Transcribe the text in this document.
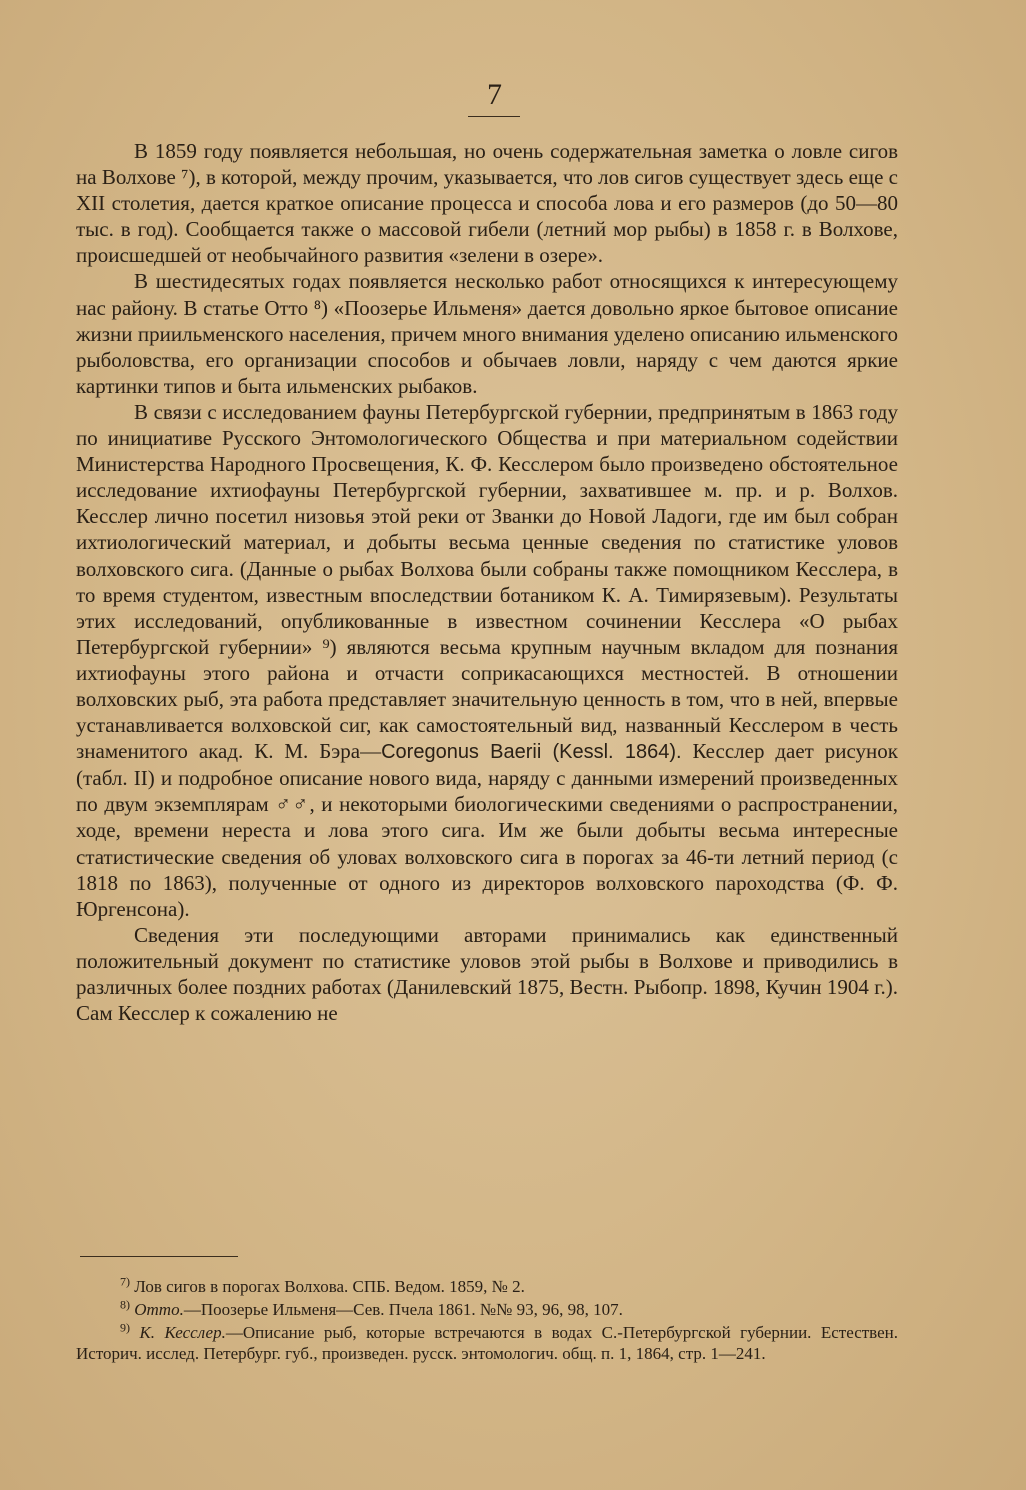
7

В 1859 году появляется небольшая, но очень содержательная заметка о ловле сигов на Волхове ⁷), в которой, между прочим, указывается, что лов сигов существует здесь еще с XII столетия, дается краткое описание процесса и способа лова и его размеров (до 50—80 тыс. в год). Сообщается также о массовой гибели (летний мор рыбы) в 1858 г. в Волхове, происшедшей от необычайного развития «зелени в озере».

В шестидесятых годах появляется несколько работ относящихся к интересующему нас району. В статье Отто ⁸) «Поозерье Ильменя» дается довольно яркое бытовое описание жизни приильменского населения, причем много внимания уделено описанию ильменского рыболовства, его организации способов и обычаев ловли, наряду с чем даются яркие картинки типов и быта ильменских рыбаков.

В связи с исследованием фауны Петербургской губернии, предпринятым в 1863 году по инициативе Русского Энтомологического Общества и при материальном содействии Министерства Народного Просвещения, К. Ф. Кесслером было произведено обстоятельное исследование ихтиофауны Петербургской губернии, захватившее м. пр. и р. Волхов. Кесслер лично посетил низовья этой реки от Званки до Новой Ладоги, где им был собран ихтиологический материал, и добыты весьма ценные сведения по статистике уловов волховского сига. (Данные о рыбах Волхова были собраны также помощником Кесслера, в то время студентом, известным впоследствии ботаником К. А. Тимирязевым). Результаты этих исследований, опубликованные в известном сочинении Кесслера «О рыбах Петербургской губернии» ⁹) являются весьма крупным научным вкладом для познания ихтиофауны этого района и отчасти соприкасающихся местностей. В отношении волховских рыб, эта работа представляет значительную ценность в том, что в ней, впервые устанавливается волховской сиг, как самостоятельный вид, названный Кесслером в честь знаменитого акад. К. М. Бэра—Coregonus Baerii (Kessl. 1864). Кесслер дает рисунок (табл. II) и подробное описание нового вида, наряду с данными измерений произведенных по двум экземплярам ♂♂, и некоторыми биологическими сведениями о распространении, ходе, времени нереста и лова этого сига. Им же были добыты весьма интересные статистические сведения об уловах волховского сига в порогах за 46-ти летний период (с 1818 по 1863), полученные от одного из директоров волховского пароходства (Ф. Ф. Юргенсона).

Сведения эти последующими авторами принимались как единственный положительный документ по статистике уловов этой рыбы в Волхове и приводились в различных более поздних работах (Данилевский 1875, Вестн. Рыбопр. 1898, Кучин 1904 г.). Сам Кесслер к сожалению не

$^{7)}$ Лов сигов в порогах Волхова. СПБ. Ведом. 1859, № 2.

$^{8)}$ Отто.—Поозерье Ильменя—Сев. Пчела 1861. №№ 93, 96, 98, 107.

$^{9)}$ К. Кесслер.—Описание рыб, которые встречаются в водах С.-Петербургской губернии. Естествен. Историч. исслед. Петербург. губ., произведен. русск. энтомологич. общ. п. 1, 1864, стр. 1—241.
